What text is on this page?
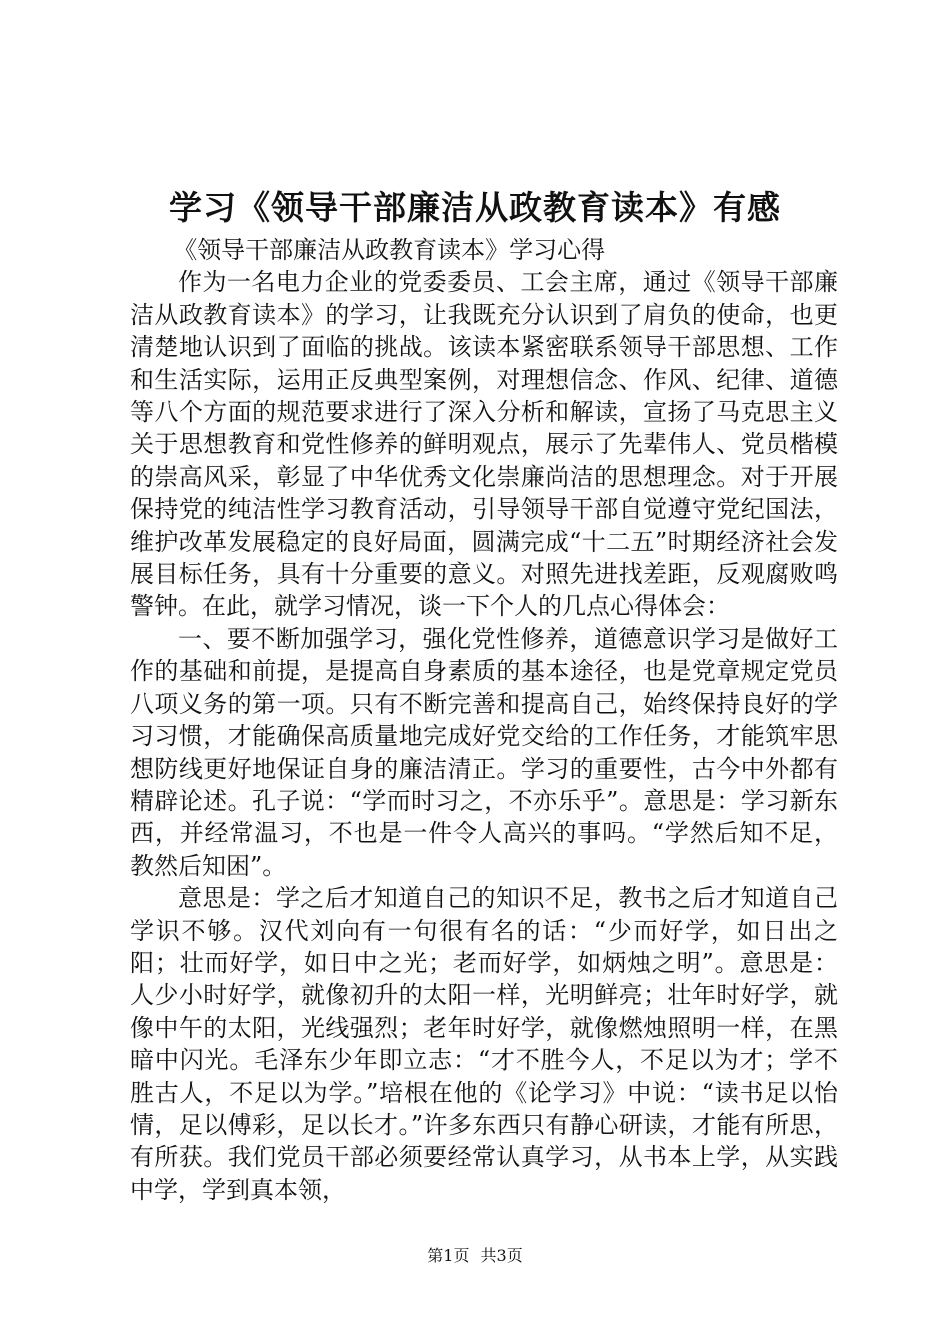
学习《领导干部廉洁从政教育读本》有感

《领导干部廉洁从政教育读本》学习心得

作为一名电力企业的党委委员、工会主席，通过《领导干部廉洁从政教育读本》的学习，让我既充分认识到了肩负的使命，也更清楚地认识到了面临的挑战。该读本紧密联系领导干部思想、工作和生活实际，运用正反典型案例，对理想信念、作风、纪律、道德等八个方面的规范要求进行了深入分析和解读，宣扬了马克思主义关于思想教育和党性修养的鲜明观点，展示了先辈伟人、党员楷模的崇高风采，彰显了中华优秀文化崇廉尚洁的思想理念。对于开展保持党的纯洁性学习教育活动，引导领导干部自觉遵守党纪国法，维护改革发展稳定的良好局面，圆满完成“十二五”时期经济社会发展目标任务，具有十分重要的意义。对照先进找差距，反观腐败鸣警钟。在此，就学习情况，谈一下个人的几点心得体会：

一、要不断加强学习，强化党性修养，道德意识学习是做好工作的基础和前提，是提高自身素质的基本途径，也是党章规定党员八项义务的第一项。只有不断完善和提高自己，始终保持良好的学习习惯，才能确保高质量地完成好党交给的工作任务，才能筑牢思想防线更好地保证自身的廉洁清正。学习的重要性，古今中外都有精辟论述。孔子说：“学而时习之，不亦乐乎”。意思是：学习新东西，并经常温习，不也是一件令人高兴的事吗。“学然后知不足，教然后知困”。

意思是：学之后才知道自己的知识不足，教书之后才知道自己学识不够。汉代刘向有一句很有名的话：“少而好学，如日出之阳；壮而好学，如日中之光；老而好学，如炳烛之明”。意思是：人少小时好学，就像初升的太阳一样，光明鲜亮；壮年时好学，就像中午的太阳，光线强烈；老年时好学，就像燃烛照明一样，在黑暗中闪光。毛泽东少年即立志：“才不胜今人，不足以为才；学不胜古人，不足以为学。”培根在他的《论学习》中说：“读书足以怡情，足以傅彩，足以长才。”许多东西只有静心研读，才能有所思，有所获。我们党员干部必须要经常认真学习，从书本上学，从实践中学，学到真本领，

第1页 共3页
